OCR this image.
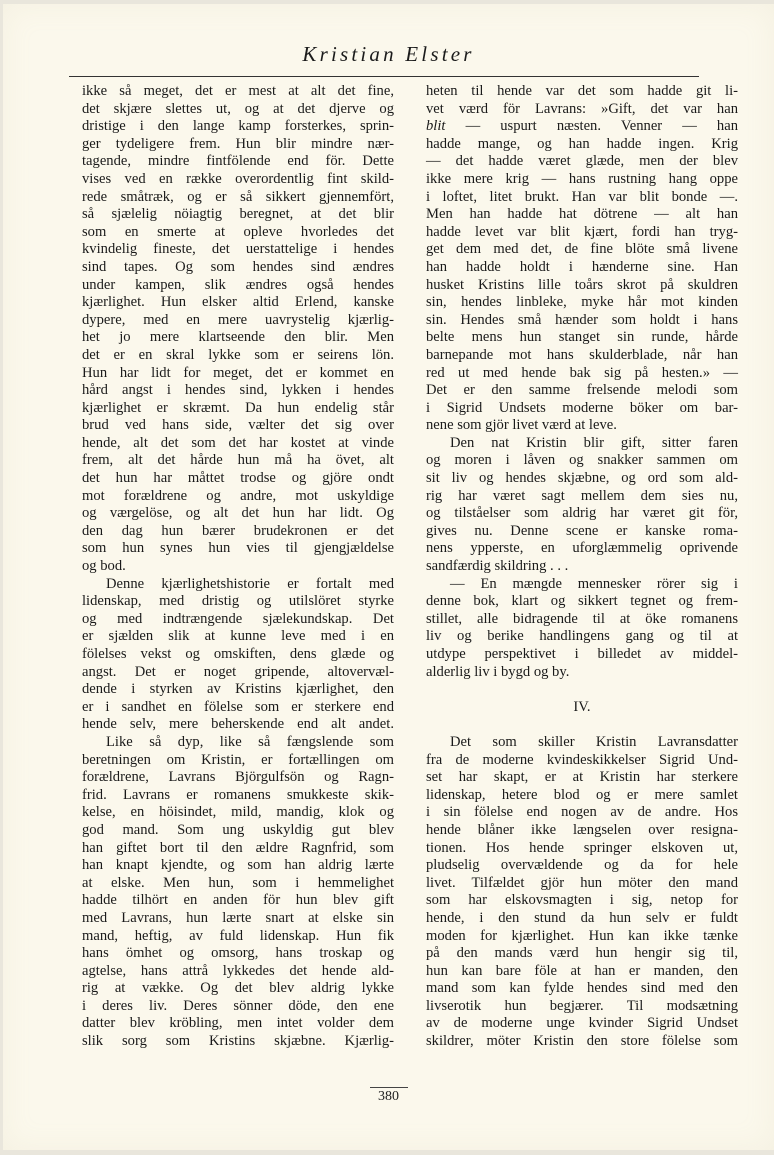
Kristian Elster
ikke så meget, det er mest at alt det fine,
det skjære slettes ut, og at det djerve og
dristige i den lange kamp forsterkes, sprin-
ger tydeligere frem. Hun blir mindre nær-
tagende, mindre fintfölende end för. Dette
vises ved en række overordentlig fint skild-
rede småtræk, og er så sikkert gjennemfört,
så sjælelig nöiagtig beregnet, at det blir
som en smerte at opleve hvorledes det
kvindelig fineste, det uerstattelige i hendes
sind tapes. Og som hendes sind ændres
under kampen, slik ændres også hendes
kjærlighet. Hun elsker altid Erlend, kanske
dypere, med en mere uavrystelig kjærlig-
het jo mere klartseende den blir. Men
det er en skral lykke som er seirens lön.
Hun har lidt for meget, det er kommet en
hård angst i hendes sind, lykken i hendes
kjærlighet er skræmt. Da hun endelig står
brud ved hans side, vælter det sig over
hende, alt det som det har kostet at vinde
frem, alt det hårde hun må ha övet, alt
det hun har måttet trodse og gjöre ondt
mot forældrene og andre, mot uskyldige
og værgelöse, og alt det hun har lidt. Og
den dag hun bærer brudekronen er det
som hun synes hun vies til gjengjældelse
og bod.
Denne kjærlighetshistorie er fortalt med
lidenskap, med dristig og utilslöret styrke
og med indtrængende sjælekundskap. Det
er sjælden slik at kunne leve med i en
fölelses vekst og omskiften, dens glæde og
angst. Det er noget gripende, altovervæl-
dende i styrken av Kristins kjærlighet, den
er i sandhet en fölelse som er sterkere end
hende selv, mere beherskende end alt andet.
Like så dyp, like så fængslende som
beretningen om Kristin, er fortællingen om
forældrene, Lavrans Björgulfsön og Ragn-
frid. Lavrans er romanens smukkeste skik-
kelse, en höisindet, mild, mandig, klok og
god mand. Som ung uskyldig gut blev
han giftet bort til den ældre Ragnfrid, som
han knapt kjendte, og som han aldrig lærte
at elske. Men hun, som i hemmelighet
hadde tilhört en anden för hun blev gift
med Lavrans, hun lærte snart at elske sin
mand, heftig, av fuld lidenskap. Hun fik
hans ömhet og omsorg, hans troskap og
agtelse, hans attrå lykkedes det hende ald-
rig at vække. Og det blev aldrig lykke
i deres liv. Deres sönner döde, den ene
datter blev kröbling, men intet volder dem
slik sorg som Kristins skjæbne. Kjærlig-
heten til hende var det som hadde git li-
vet værd för Lavrans: »Gift, det var han
blit — uspurt næsten. Venner — han
hadde mange, og han hadde ingen. Krig
— det hadde været glæde, men der blev
ikke mere krig — hans rustning hang oppe
i loftet, litet brukt. Han var blit bonde —.
Men han hadde hat dötrene — alt han
hadde levet var blit kjært, fordi han tryg-
get dem med det, de fine blöte små livene
han hadde holdt i hænderne sine. Han
husket Kristins lille toårs skrot på skuldren
sin, hendes linbleke, myke hår mot kinden
sin. Hendes små hænder som holdt i hans
belte mens hun stanget sin runde, hårde
barnepande mot hans skulderblade, når han
red ut med hende bak sig på hesten.» —
Det er den samme frelsende melodi som
i Sigrid Undsets moderne böker om bar-
nene som gjör livet værd at leve.
Den nat Kristin blir gift, sitter faren
og moren i låven og snakker sammen om
sit liv og hendes skjæbne, og ord som ald-
rig har været sagt mellem dem sies nu,
og tilståelser som aldrig har været git för,
gives nu. Denne scene er kanske roma-
nens ypperste, en uforglæmmelig oprivende
sandfærdig skildring . . .
— En mængde mennesker rörer sig i
denne bok, klart og sikkert tegnet og frem-
stillet, alle bidragende til at öke romanens
liv og berike handlingens gang og til at
utdype perspektivet i billedet av middel-
alderlig liv i bygd og by.
IV.
Det som skiller Kristin Lavransdatter
fra de moderne kvindeskikkelser Sigrid Und-
set har skapt, er at Kristin har sterkere
lidenskap, hetere blod og er mere samlet
i sin fölelse end nogen av de andre. Hos
hende blåner ikke længselen over resigna-
tionen. Hos hende springer elskoven ut,
pludselig overvældende og da for hele
livet. Tilfældet gjör hun möter den mand
som har elskovsmagten i sig, netop for
hende, i den stund da hun selv er fuldt
moden for kjærlighet. Hun kan ikke tænke
på den mands værd hun hengir sig til,
hun kan bare föle at han er manden, den
mand som kan fylde hendes sind med den
livserotik hun begjærer. Til modsætning
av de moderne unge kvinder Sigrid Undset
skildrer, möter Kristin den store fölelse som
380
